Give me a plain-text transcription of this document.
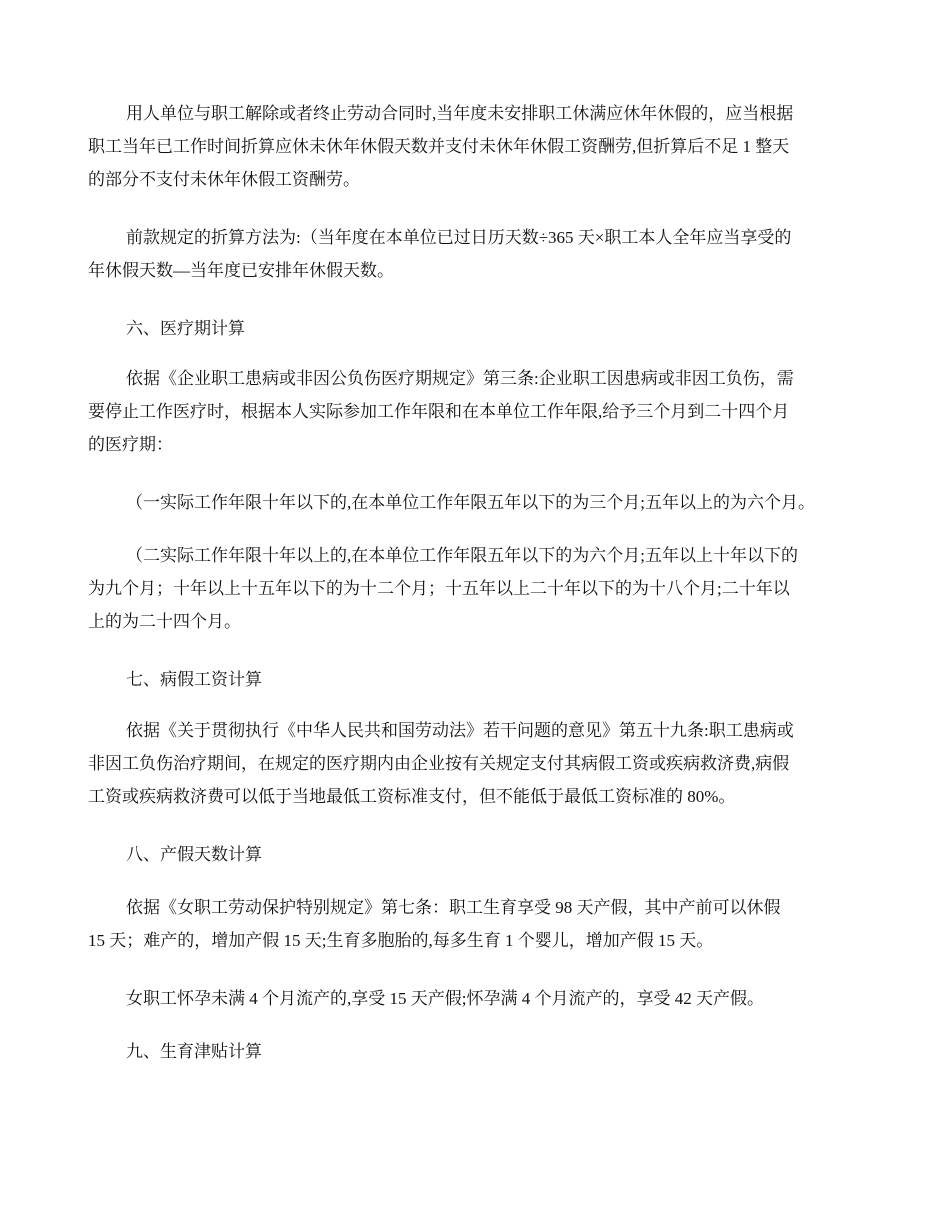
用人单位与职工解除或者终止劳动合同时,当年度未安排职工休满应休年休假的，应当根据
职工当年已工作时间折算应休未休年休假天数并支付未休年休假工资酬劳,但折算后不足 1 整天
的部分不支付未休年休假工资酬劳。

前款规定的折算方法为:（当年度在本单位已过日历天数÷365 天×职工本人全年应当享受的
年休假天数—当年度已安排年休假天数。

六、医疗期计算

依据《企业职工患病或非因公负伤医疗期规定》第三条:企业职工因患病或非因工负伤，需
要停止工作医疗时，根据本人实际参加工作年限和在本单位工作年限,给予三个月到二十四个月
的医疗期：

（一实际工作年限十年以下的,在本单位工作年限五年以下的为三个月;五年以上的为六个月。

（二实际工作年限十年以上的,在本单位工作年限五年以下的为六个月;五年以上十年以下的
为九个月；十年以上十五年以下的为十二个月；十五年以上二十年以下的为十八个月;二十年以
上的为二十四个月。

七、病假工资计算

依据《关于贯彻执行《中华人民共和国劳动法》若干问题的意见》第五十九条:职工患病或
非因工负伤治疗期间，在规定的医疗期内由企业按有关规定支付其病假工资或疾病救济费,病假
工资或疾病救济费可以低于当地最低工资标准支付，但不能低于最低工资标准的 80%。

八、产假天数计算

依据《女职工劳动保护特别规定》第七条：职工生育享受 98 天产假，其中产前可以休假
15 天；难产的，增加产假 15 天;生育多胞胎的,每多生育 1 个婴儿，增加产假 15 天。

女职工怀孕未满 4 个月流产的,享受 15 天产假;怀孕满 4 个月流产的，享受 42 天产假。

九、生育津贴计算
